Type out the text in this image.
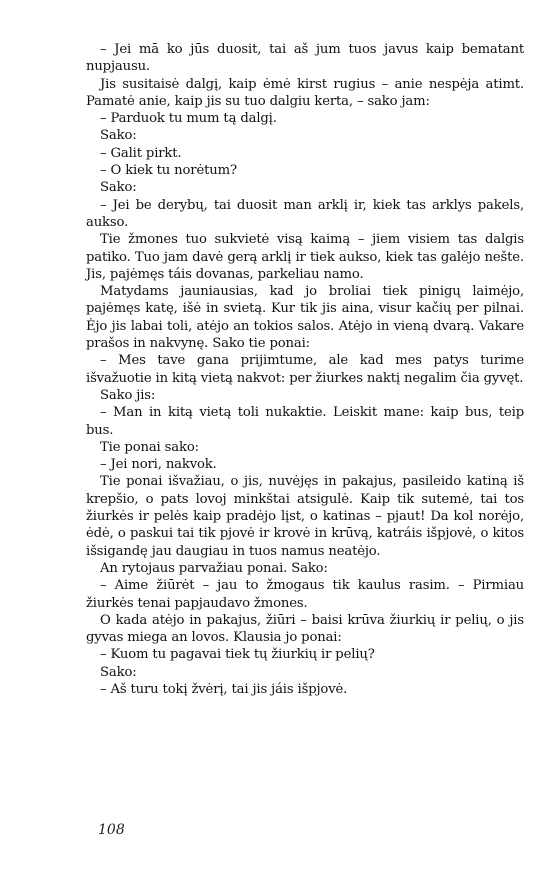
– Jei mā ko jūs duosit, tai aš jum tuos javus kaip bematant nupjausu.

Jis susitaisė dalgį, kaip ėmė kirst rugius – anie nespėja atimt. Pamatė anie, kaip jis su tuo dalgiu kerta, – sako jam:

– Parduok tu mum tą dalgį.

Sako:

– Galit pirkt.

– O kiek tu norėtum?

Sako:

– Jei be derybų, tai duosit man arklį ir, kiek tas arklys pakels, aukso.

Tie žmones tuo sukvietė visą kaimą – jiem visiem tas dalgis patiko. Tuo jam davė gerą arklį ir tiek aukso, kiek tas galėjo nešte. Jis, pajėmęs táis dovanas, parkeliau namo.

Matydams jauniausias, kad jo broliai tiek pinigų laimėjo, pajėmęs katę, išė in svietą. Kur tik jis aina, visur kačių per pilnai. Ėjo jis labai toli, atėjo an tokios salos. Atėjo in vieną dvarą. Vakare prašos in nakvynę. Sako tie ponai:

– Mes tave gana prijimtume, ale kad mes patys turime išvažuotie in kitą vietą nakvot: per žiurkes naktį negalim čia gyvęt.

Sako jis:

– Man in kitą vietą toli nukaktie. Leiskit mane: kaip bus, teip bus.

Tie ponai sako:

– Jei nori, nakvok.

Tie ponai išvažiau, o jis, nuvėjęs in pakajus, pasileido katiną iš krepšio, o pats lovoj minkštai atsigulė. Kaip tik sutemė, tai tos žiurkės ir pelės kaip pradėjo lįst, o katinas – pjaut! Da kol norėjo, ėdė, o paskui tai tik pjovė ir krovė in krūvą, katráis išpjovė, o kitos išsigandę jau daugiau in tuos namus neatėjo.

An rytojaus parvažiau ponai. Sako:

– Aime žiūrėt – jau to žmogaus tik kaulus rasim. – Pirmiau žiurkės tenai papjaudavo žmones.

O kada atėjo in pakajus, žiūri – baisi krūva žiurkių ir pelių, o jis gyvas miega an lovos. Klausia jo ponai:

– Kuom tu pagavai tiek tų žiurkių ir pelių?

Sako:

– Aš turu tokį žvėrį, tai jis jáis išpjovė.

108
